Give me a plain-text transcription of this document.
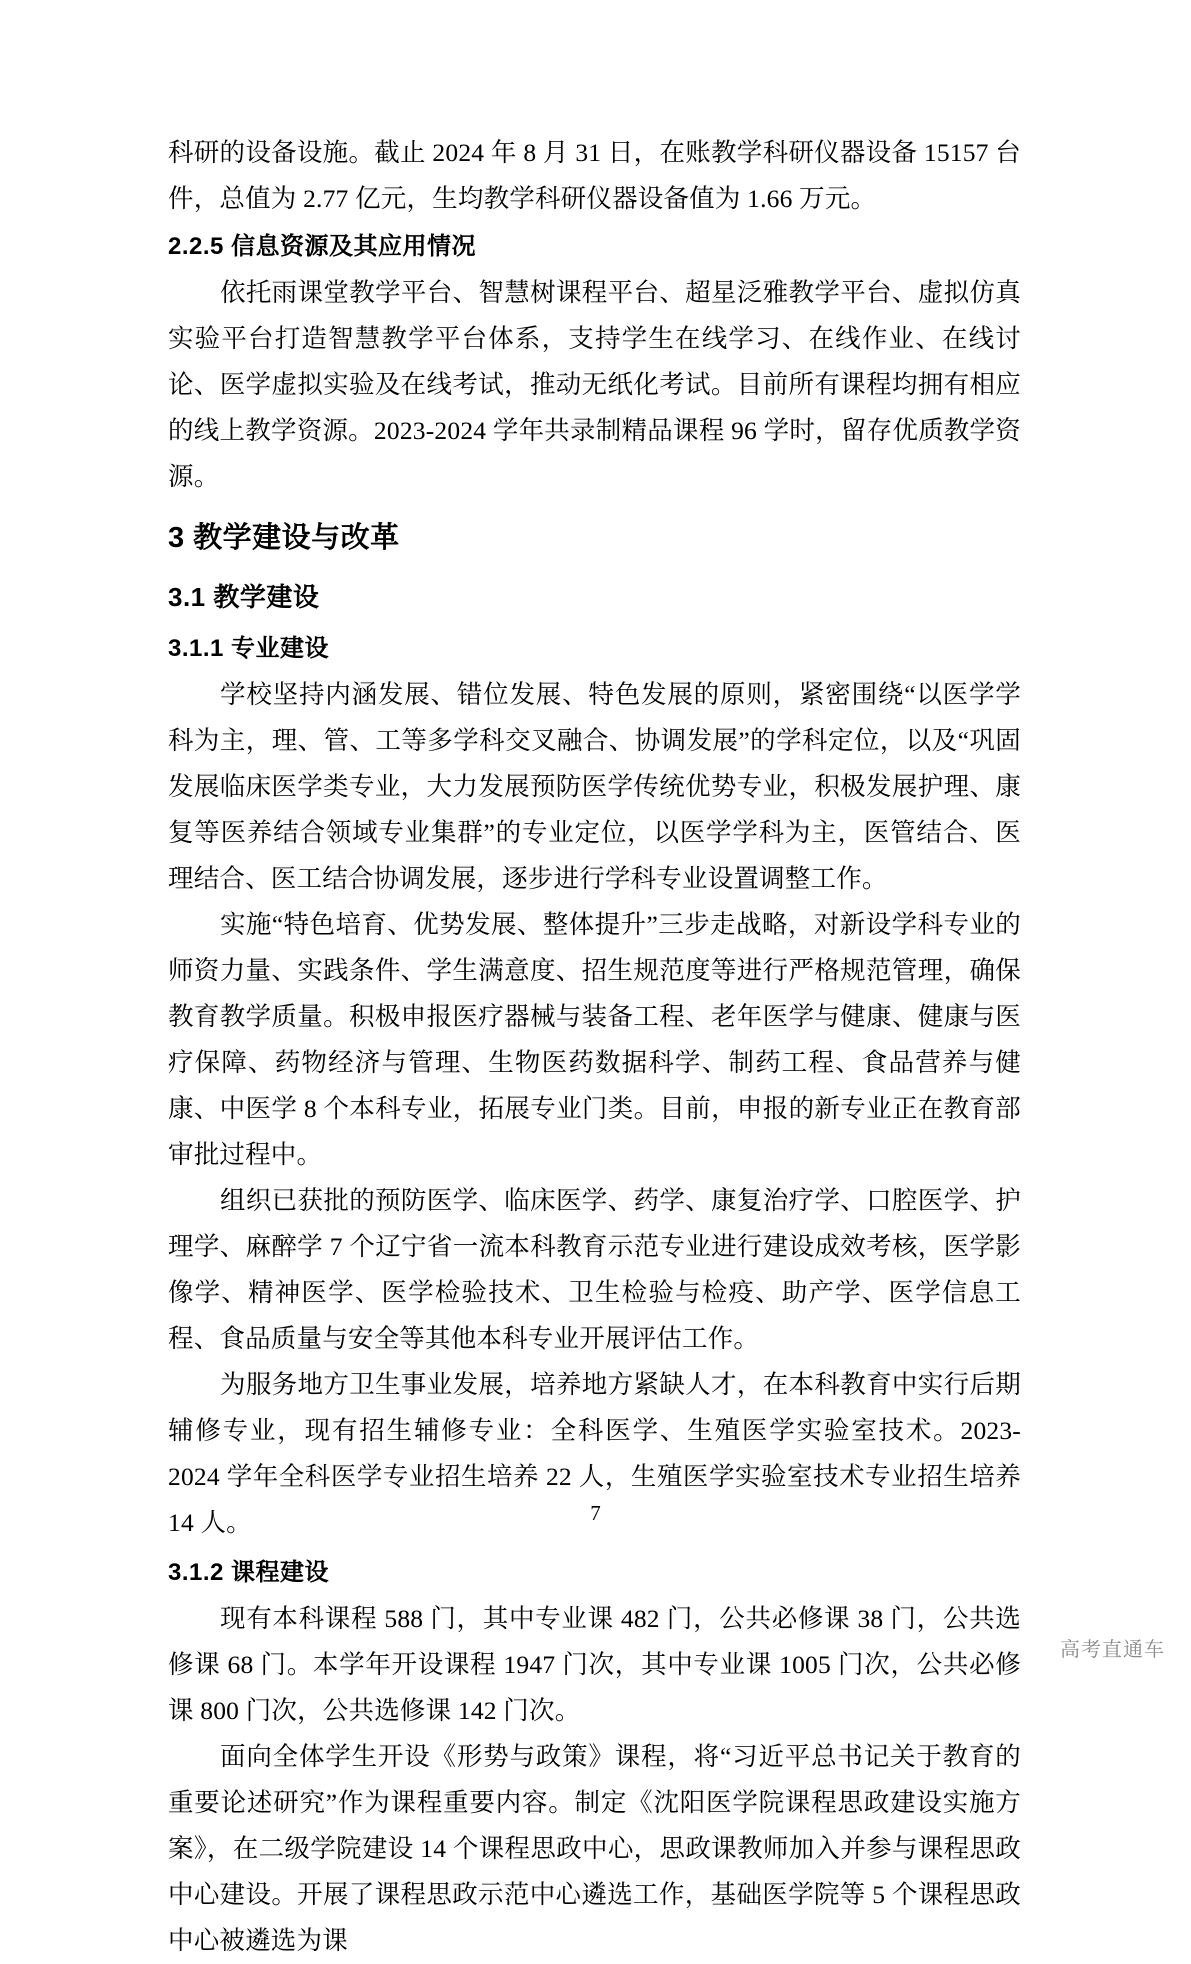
科研的设备设施。截止 2024 年 8 月 31 日，在账教学科研仪器设备 15157 台件，总值为 2.77 亿元，生均教学科研仪器设备值为 1.66 万元。

2.2.5 信息资源及其应用情况

依托雨课堂教学平台、智慧树课程平台、超星泛雅教学平台、虚拟仿真实验平台打造智慧教学平台体系，支持学生在线学习、在线作业、在线讨论、医学虚拟实验及在线考试，推动无纸化考试。目前所有课程均拥有相应的线上教学资源。2023-2024 学年共录制精品课程 96 学时，留存优质教学资源。

3 教学建设与改革
3.1 教学建设
3.1.1 专业建设

学校坚持内涵发展、错位发展、特色发展的原则，紧密围绕“以医学学科为主，理、管、工等多学科交叉融合、协调发展”的学科定位，以及“巩固发展临床医学类专业，大力发展预防医学传统优势专业，积极发展护理、康复等医养结合领域专业集群”的专业定位，以医学学科为主，医管结合、医理结合、医工结合协调发展，逐步进行学科专业设置调整工作。

实施“特色培育、优势发展、整体提升”三步走战略，对新设学科专业的师资力量、实践条件、学生满意度、招生规范度等进行严格规范管理，确保教育教学质量。积极申报医疗器械与装备工程、老年医学与健康、健康与医疗保障、药物经济与管理、生物医药数据科学、制药工程、食品营养与健康、中医学 8 个本科专业，拓展专业门类。目前，申报的新专业正在教育部审批过程中。

组织已获批的预防医学、临床医学、药学、康复治疗学、口腔医学、护理学、麻醉学 7 个辽宁省一流本科教育示范专业进行建设成效考核，医学影像学、精神医学、医学检验技术、卫生检验与检疫、助产学、医学信息工程、食品质量与安全等其他本科专业开展评估工作。

为服务地方卫生事业发展，培养地方紧缺人才，在本科教育中实行后期辅修专业，现有招生辅修专业：全科医学、生殖医学实验室技术。2023-2024 学年全科医学专业招生培养 22 人，生殖医学实验室技术专业招生培养 14 人。

3.1.2 课程建设

现有本科课程 588 门，其中专业课 482 门，公共必修课 38 门，公共选修课 68 门。本学年开设课程 1947 门次，其中专业课 1005 门次，公共必修课 800 门次，公共选修课 142 门次。

面向全体学生开设《形势与政策》课程，将“习近平总书记关于教育的重要论述研究”作为课程重要内容。制定《沈阳医学院课程思政建设实施方案》，在二级学院建设 14 个课程思政中心，思政课教师加入并参与课程思政中心建设。开展了课程思政示范中心遴选工作，基础医学院等 5 个课程思政中心被遴选为课

7
高考直通车
